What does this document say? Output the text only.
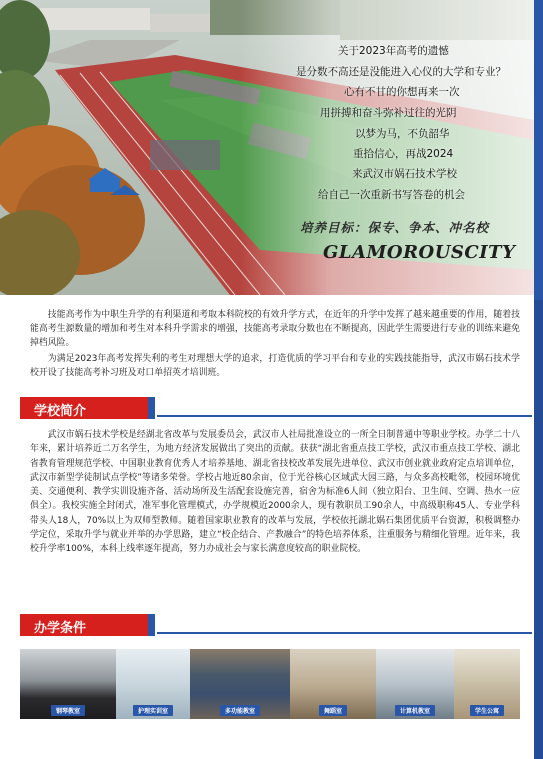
关于2023年高考的遗憾
是分数不高还是没能进入心仪的大学和专业？
心有不甘的你想再来一次
用拼搏和奋斗弥补过往的光阴
以梦为马，不负韶华
重拾信心，再战2024
来武汉市娲石技术学校
给自己一次重新书写答卷的机会
培养目标：保专、争本、冲名校
GLAMOROUSCITY

技能高考作为中职生升学的有利渠道和考取本科院校的有效升学方式，在近年的升学中发挥了越来越重要的作用，随着技能高考生源数量的增加和考生对本科升学需求的增强，技能高考录取分数也在不断提高，因此学生需要进行专业的训练来避免掉档风险。

为满足2023年高考发挥失利的考生对理想大学的追求，打造优质的学习平台和专业的实践技能指导，武汉市娲石技术学校开设了技能高考补习班及对口单招英才培训班。

学校简介

武汉市娲石技术学校是经湖北省改革与发展委员会，武汉市人社局批准设立的一所全日制普通中等职业学校。办学二十八年来，累计培养近二万名学生，为地方经济发展做出了突出的贡献。获获“湖北省重点技工学校，武汉市重点技工学校、湖北省教育管理规范学校、中国职业教育优秀人才培养基地、湖北省技校改革发展先进单位、武汉市创业就业政府定点培训单位，武汉市新型学徒制试点学校”等诸多荣誉。学校占地近80余亩，位于光谷核心区域武大园三路，与众多高校毗邻，校园环境优美、交通便利、教学实训设施齐备、活动场所及生活配套设施完善，宿舍为标准6人间（独立阳台、卫生间、空调、热水一应俱全）。我校实施全封闭式，准军事化管理模式，办学规模近2000余人，现有教职员工90余人，中高级职称45人、专业学科带头人18人，70%以上为双师型教师。随着国家职业教育的改革与发展，学校依托湖北娲石集团优质平台资源，积极调整办学定位，采取升学与就业并举的办学思路，建立“校企结合、产教融合”的特色培养体系，注重服务与精细化管理。近年来，我校升学率100%，本科上线率逐年提高，努力办成社会与家长满意度较高的职业院校。

办学条件
钢琴教室	护理实训室	多功能教室	舞蹈室	计算机教室	学生公寓
